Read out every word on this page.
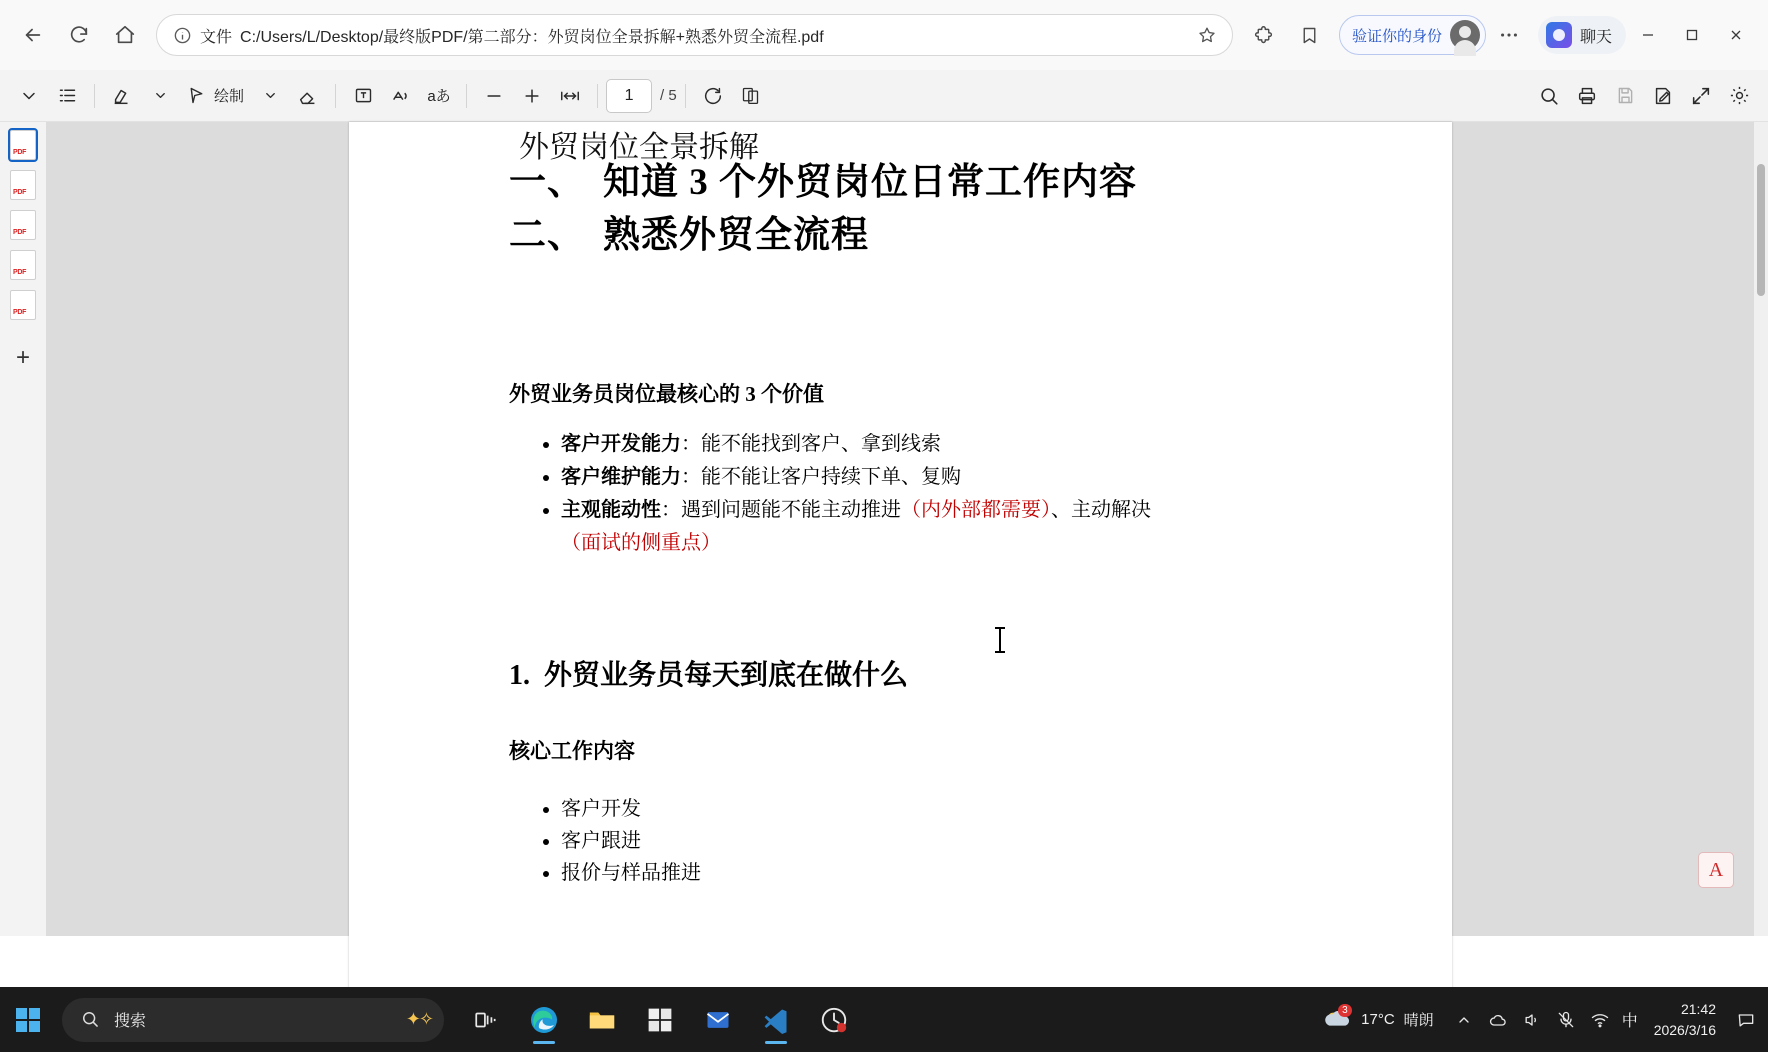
文件 C:/Users/L/Desktop/最终版PDF/第二部分：外贸岗位全景拆解+熟悉外贸全流程.pdf	验证你的身份	聊天
绘制	aあ	1	/ 5
PDF
PDF
PDF
PDF
PDF
+
外贸岗位全景拆解

一、 知道 3 个外贸岗位日常工作内容

二、 熟悉外贸全流程

外贸业务员岗位最核心的 3 个价值
• 客户开发能力：能不能找到客户、拿到线索
• 客户维护能力：能不能让客户持续下单、复购
• 主观能动性：遇到问题能不能主动推进（内外部都需要）、主动解决
（面试的侧重点）
1. 外贸业务员每天到底在做什么
核心工作内容
• 客户开发
• 客户跟进
• 报价与样品推进	A
搜索	✦✧	3
17°C 晴朗	中
21:42
2026/3/16
